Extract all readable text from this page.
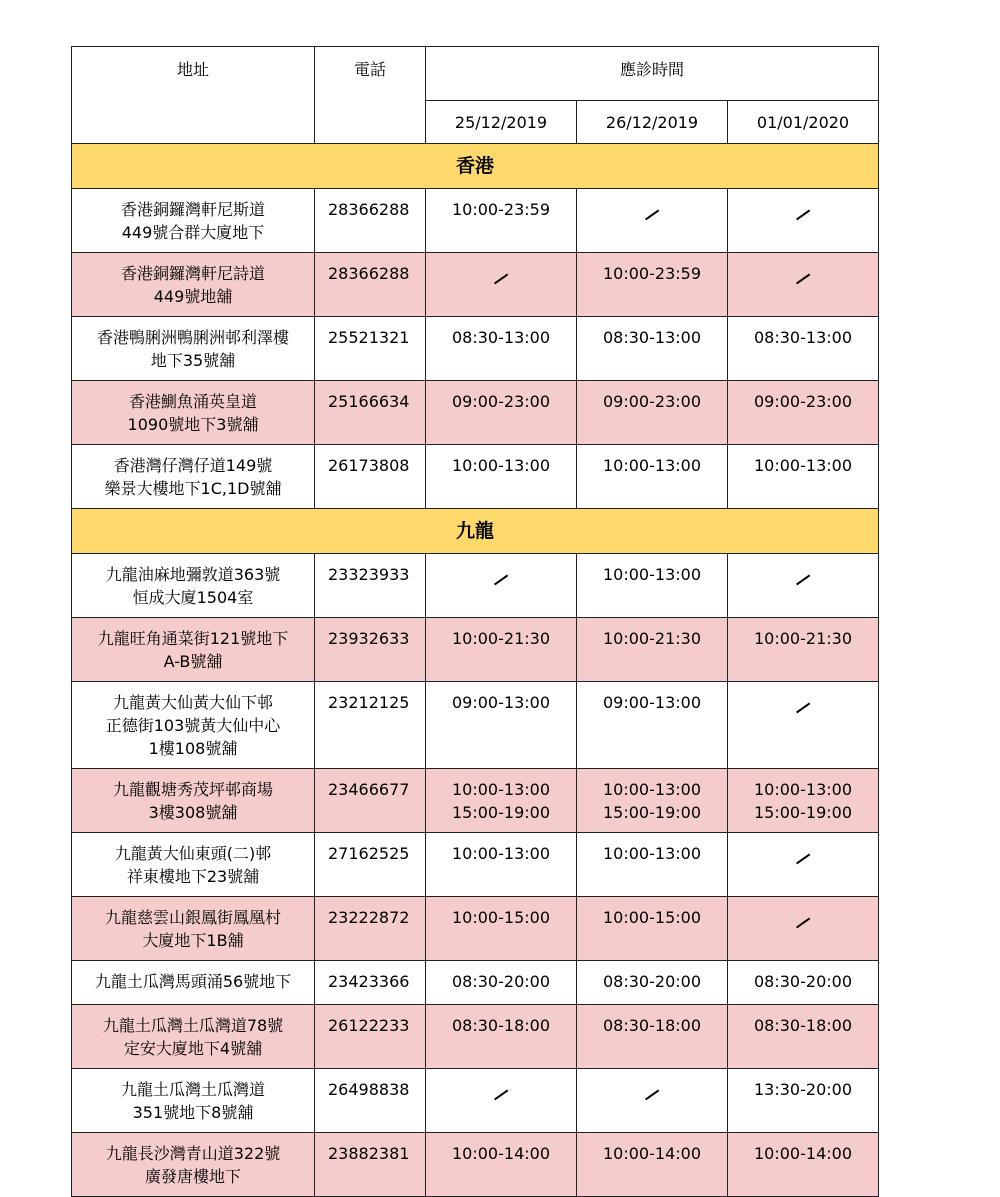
地址	電話	應診時間		
		25/12/2019	26/12/2019	01/01/2020
香港				

香港銅鑼灣軒尼斯道
449號合群大廈地下	28366288	10:00-23:59		

香港銅鑼灣軒尼詩道
449號地舖	28366288		10:00-23:59	

香港鴨脷洲鴨脷洲邨利澤樓
地下35號舖	25521321	08:30-13:00	08:30-13:00	08:30-13:00

香港鰂魚涌英皇道
1090號地下3號舖	25166634	09:00-23:00	09:00-23:00	09:00-23:00

香港灣仔灣仔道149號
樂景大樓地下1C,1D號舖	26173808	10:00-13:00	10:00-13:00	10:00-13:00

九龍				

九龍油麻地彌敦道363號
恒成大廈1504室	23323933		10:00-13:00	

九龍旺角通菜街121號地下
A-B號舖	23932633	10:00-21:30	10:00-21:30	10:00-21:30

九龍黃大仙黃大仙下邨
正德街103號黃大仙中心
1樓108號舖	23212125	09:00-13:00	09:00-13:00	

九龍觀塘秀茂坪邨商場
3樓308號舖	23466677	10:00-13:00
15:00-19:00	10:00-13:00
15:00-19:00	10:00-13:00
15:00-19:00

九龍黃大仙東頭(二)邨
祥東樓地下23號舖	27162525	10:00-13:00	10:00-13:00	

九龍慈雲山銀鳳街鳳凰村
大廈地下1B舖	23222872	10:00-15:00	10:00-15:00	

九龍土瓜灣馬頭涌56號地下	23423366	08:30-20:00	08:30-20:00	08:30-20:00

九龍土瓜灣土瓜灣道78號
定安大廈地下4號舖	26122233	08:30-18:00	08:30-18:00	08:30-18:00

九龍土瓜灣土瓜灣道
351號地下8號舖	26498838			13:30-20:00

九龍長沙灣青山道322號
廣發唐樓地下	23882381	10:00-14:00	10:00-14:00	10:00-14:00
